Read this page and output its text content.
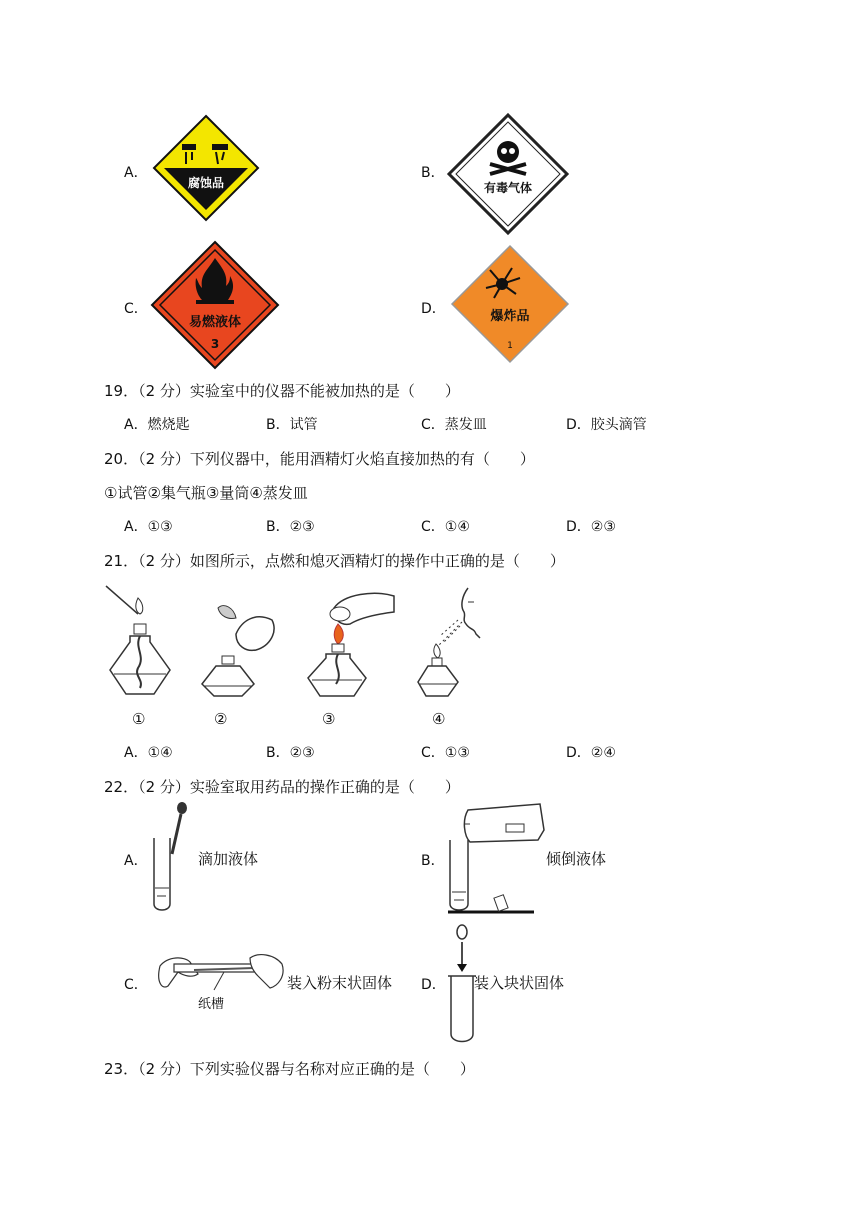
A．
腐蚀品
B．
有毒气体
C．
易燃液体
3
D．	爆炸品
1
19．（2 分）实验室中的仪器不能被加热的是（　　）
A．燃烧匙	B．试管	C．蒸发皿	D．胶头滴管
20．（2 分）下列仪器中，能用酒精灯火焰直接加热的有（　　）
①试管②集气瓶③量筒④蒸发皿
A．①③	B．②③	C．①④	D．②③
21．（2 分）如图所示，点燃和熄灭酒精灯的操作中正确的是（　　）
①	②	③	④
A．①④	B．②③	C．①③	D．②④
22．（2 分）实验室取用药品的操作正确的是（　　）
A．	滴加液体	B．	倾倒液体
C．
纸槽
装入粉末状固体 D． 装入块状固体
23．（2 分）下列实验仪器与名称对应正确的是（　　）
